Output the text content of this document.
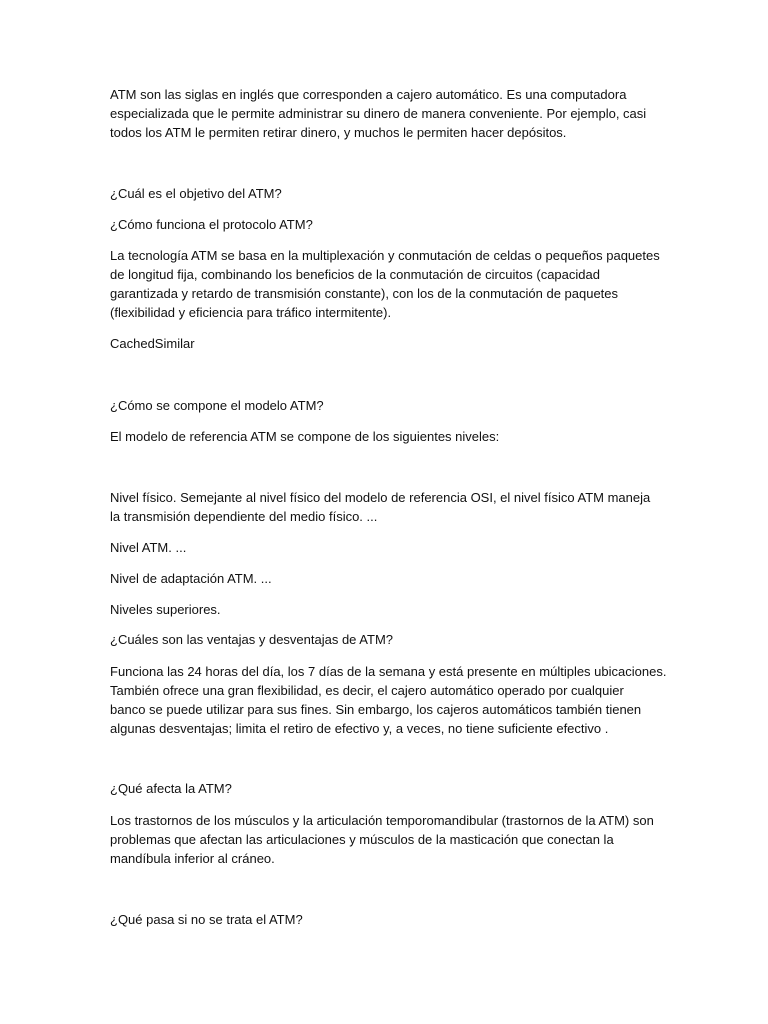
ATM son las siglas en inglés que corresponden a cajero automático. Es una computadora
especializada que le permite administrar su dinero de manera conveniente. Por ejemplo, casi
todos los ATM le permiten retirar dinero, y muchos le permiten hacer depósitos.

¿Cuál es el objetivo del ATM?

¿Cómo funciona el protocolo ATM?

La tecnología ATM se basa en la multiplexación y conmutación de celdas o pequeños paquetes
de longitud fija, combinando los beneficios de la conmutación de circuitos (capacidad
garantizada y retardo de transmisión constante), con los de la conmutación de paquetes
(flexibilidad y eficiencia para tráfico intermitente).

CachedSimilar

¿Cómo se compone el modelo ATM?

El modelo de referencia ATM se compone de los siguientes niveles:

Nivel físico. Semejante al nivel físico del modelo de referencia OSI, el nivel físico ATM maneja
la transmisión dependiente del medio físico. ...

Nivel ATM. ...

Nivel de adaptación ATM. ...

Niveles superiores.

¿Cuáles son las ventajas y desventajas de ATM?

Funciona las 24 horas del día, los 7 días de la semana y está presente en múltiples ubicaciones.
También ofrece una gran flexibilidad, es decir, el cajero automático operado por cualquier
banco se puede utilizar para sus fines. Sin embargo, los cajeros automáticos también tienen
algunas desventajas; limita el retiro de efectivo y, a veces, no tiene suficiente efectivo .

¿Qué afecta la ATM?

Los trastornos de los músculos y la articulación temporomandibular (trastornos de la ATM) son
problemas que afectan las articulaciones y músculos de la masticación que conectan la
mandíbula inferior al cráneo.

¿Qué pasa si no se trata el ATM?
